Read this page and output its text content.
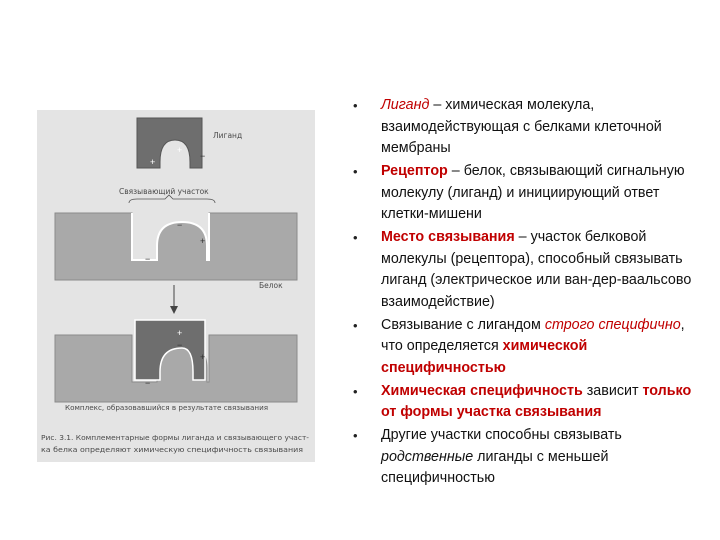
Лиганд
+
−
+
Связывающий участок
−
+
−
Белок
+
−
+
−
Комплекс, образовавшийся в результате связывания
Рис. 3.1. Комплементарные формы лиганда и связывающего участ-
ка белка определяют химическую специфичность связывания
• Лиганд – химическая молекула, взаимодействующая с белками клеточной мембраны
• Рецептор – белок, связывающий сигнальную молекулу (лиганд) и инициирующий ответ клетки-мишени
• Место связывания – участок белковой молекулы (рецептора), способный связывать лиганд (электрическое или ван-дер-ваальсово взаимодействие)
• Связывание с лигандом строго специфично, что определяется химической специфичностью
• Химическая специфичность зависит только от формы участка связывания
• Другие участки способны связывать родственные лиганды с меньшей специфичностью
